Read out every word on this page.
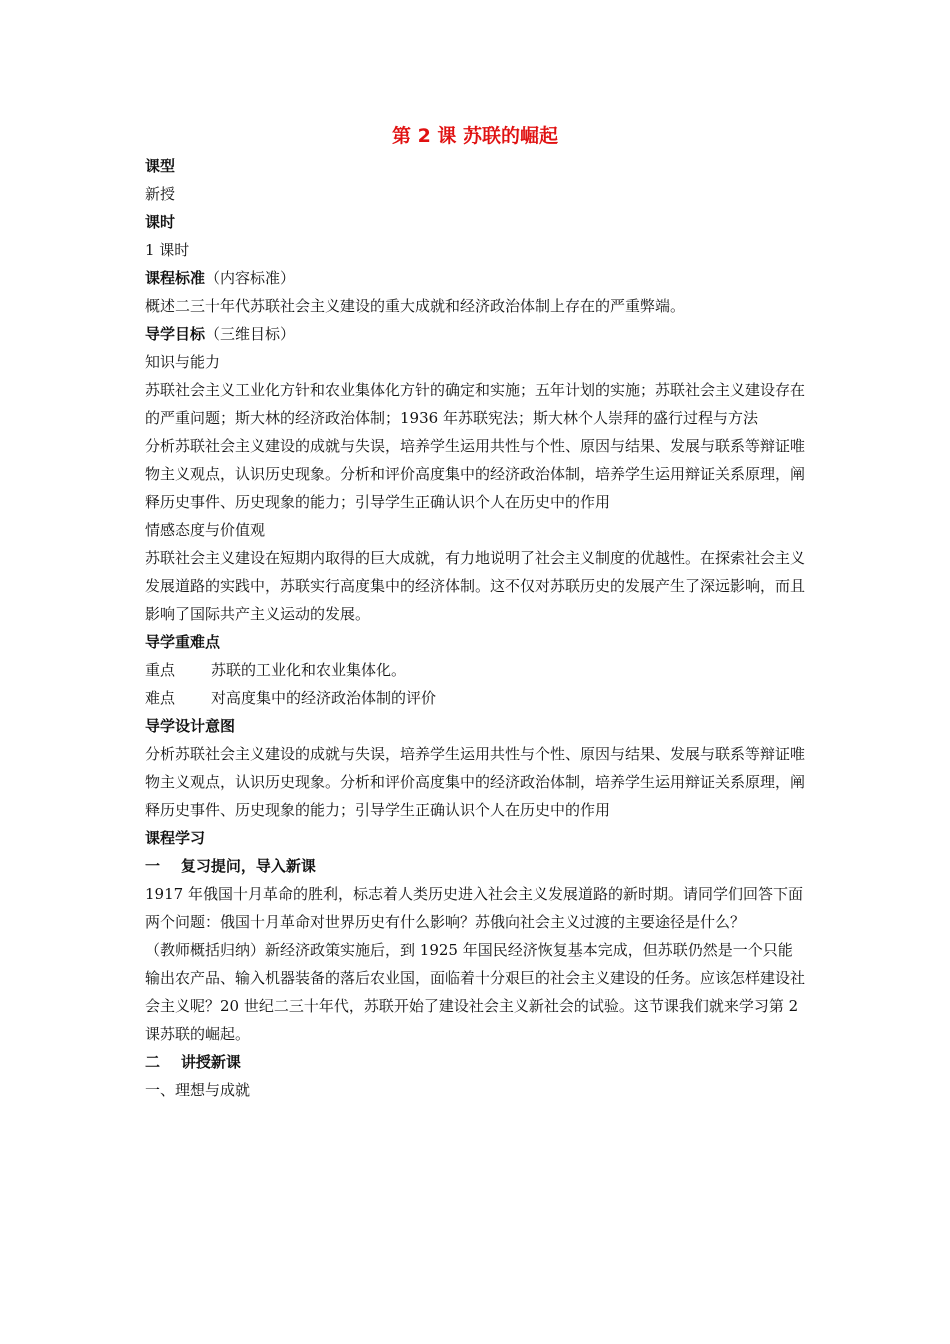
第 2 课 苏联的崛起
课型
新授
课时
1 课时
课程标准（内容标准）
概述二三十年代苏联社会主义建设的重大成就和经济政治体制上存在的严重弊端。
导学目标（三维目标）
知识与能力
苏联社会主义工业化方针和农业集体化方针的确定和实施；五年计划的实施；苏联社会主义建设存在的严重问题；斯大林的经济政治体制；1936 年苏联宪法；斯大林个人崇拜的盛行过程与方法
分析苏联社会主义建设的成就与失误，培养学生运用共性与个性、原因与结果、发展与联系等辩证唯物主义观点，认识历史现象。分析和评价高度集中的经济政治体制，培养学生运用辩证关系原理，阐释历史事件、历史现象的能力；引导学生正确认识个人在历史中的作用
情感态度与价值观
苏联社会主义建设在短期内取得的巨大成就，有力地说明了社会主义制度的优越性。在探索社会主义发展道路的实践中，苏联实行高度集中的经济体制。这不仅对苏联历史的发展产生了深远影响，而且影响了国际共产主义运动的发展。
导学重难点
重点 苏联的工业化和农业集体化。
难点 对高度集中的经济政治体制的评价
导学设计意图
分析苏联社会主义建设的成就与失误，培养学生运用共性与个性、原因与结果、发展与联系等辩证唯物主义观点，认识历史现象。分析和评价高度集中的经济政治体制，培养学生运用辩证关系原理，阐释历史事件、历史现象的能力；引导学生正确认识个人在历史中的作用
课程学习
一    复习提问，导入新课
1917 年俄国十月革命的胜利，标志着人类历史进入社会主义发展道路的新时期。请同学们回答下面两个问题：俄国十月革命对世界历史有什么影响？苏俄向社会主义过渡的主要途径是什么？
（教师概括归纳）新经济政策实施后，到 1925 年国民经济恢复基本完成，但苏联仍然是一个只能输出农产品、输入机器装备的落后农业国，面临着十分艰巨的社会主义建设的任务。应该怎样建设社会主义呢？20 世纪二三十年代，苏联开始了建设社会主义新社会的试验。这节课我们就来学习第 2 课苏联的崛起。
二    讲授新课
一、理想与成就
